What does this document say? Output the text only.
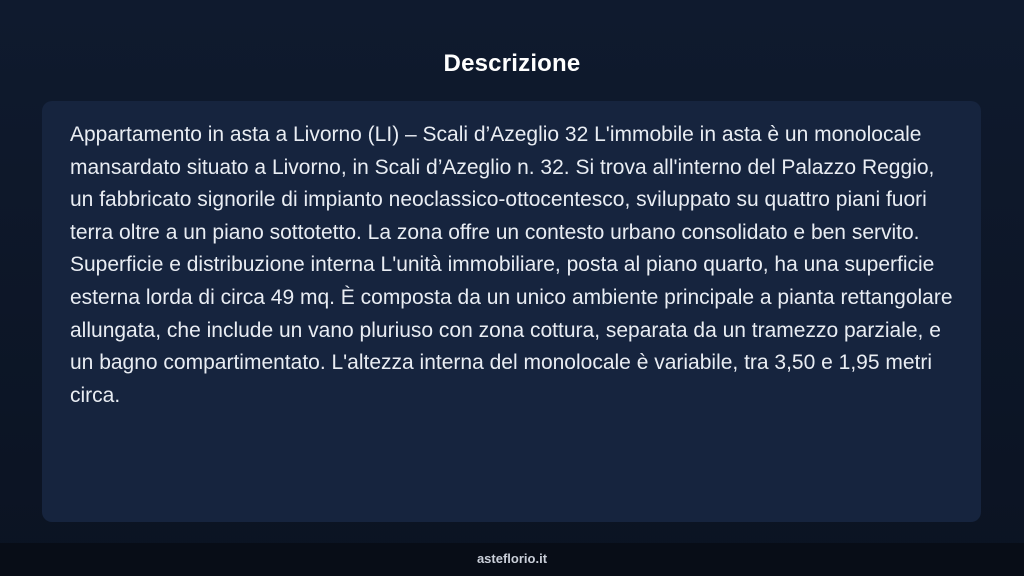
Descrizione

Appartamento in asta a Livorno (LI) – Scali d’Azeglio 32 L'immobile in asta è un monolocale mansardato situato a Livorno, in Scali d’Azeglio n. 32. Si trova all'interno del Palazzo Reggio, un fabbricato signorile di impianto neoclassico-ottocentesco, sviluppato su quattro piani fuori terra oltre a un piano sottotetto. La zona offre un contesto urbano consolidato e ben servito. Superficie e distribuzione interna L'unità immobiliare, posta al piano quarto, ha una superficie esterna lorda di circa 49 mq. È composta da un unico ambiente principale a pianta rettangolare allungata, che include un vano pluriuso con zona cottura, separata da un tramezzo parziale, e un bagno compartimentato. L'altezza interna del monolocale è variabile, tra 3,50 e 1,95 metri circa.

asteflorio.it
